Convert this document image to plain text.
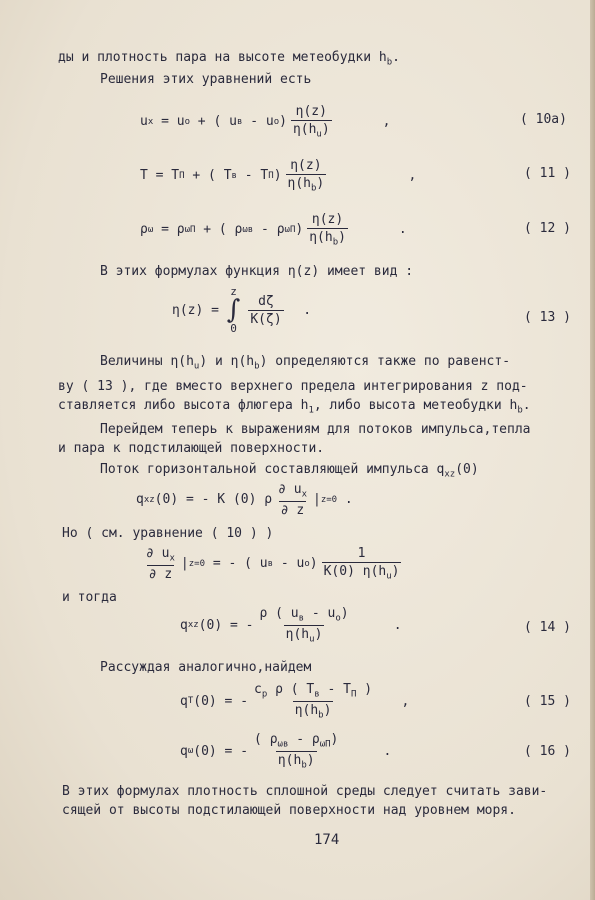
ды и плотность пара на высоте метеобудки $h_b$.
Решения этих уравнений есть
u x = u o + ( u в - u o ) $\frac{\eta(z)}{\eta(h_u)}$ ,	( 10а)
T = T П + ( T в - T П ) $\frac{\eta(z)}{\eta(h_b)}$ ,	( 11 )
ρ ω = ρ ωП + ( ρ ωв - ρ ωП ) $\frac{\eta(z)}{\eta(h_b)}$ .	( 12 )
В этих формулах функция η(z) имеет вид :
η(z) =
z
∫
0
$\frac{d\zeta}{K(\zeta)}$ .	( 13 )

Величины $\eta(h_u)$ и $\eta(h_b)$ определяются также по равенст-

ву ( 13 ), где вместо верхнего предела интегрирования z под-

ставляется либо высота флюгера $h_1$, либо высота метеобудки $h_b$.

Перейдем теперь к выражениям для потоков импульса,тепла

и пара к подстилающей поверхности.

Поток горизонтальной составляющей импульса $q_{xz}(0)$
q xz (0) = - K (0) ρ $\frac{\partial u_x}{\partial z}$ | z=0 .
Но ( см. уравнение ( 10 ) )
$\frac{\partial u_x}{\partial z}$ | z=0 = - ( u в - u o ) $\frac{1}{K(0) \eta(h_u)}$
и тогда
q xz (0) = - $\frac{\rho ( u_в - u_o)}{\eta(h_u)}$ .	( 14 )
Рассуждая аналогично,найдем
q T (0) = - $\frac{c_p \rho ( T_в - T_П )}{\eta(h_b)}$ ,	( 15 )
q ω (0) = - $\frac{( \rho_{\omega в} - \rho_{\omega П})}{\eta(h_b)}$ .	( 16 )

В этих формулах плотность сплошной среды следует считать зави-

сящей от высоты подстилающей поверхности над уровнем моря.

174
